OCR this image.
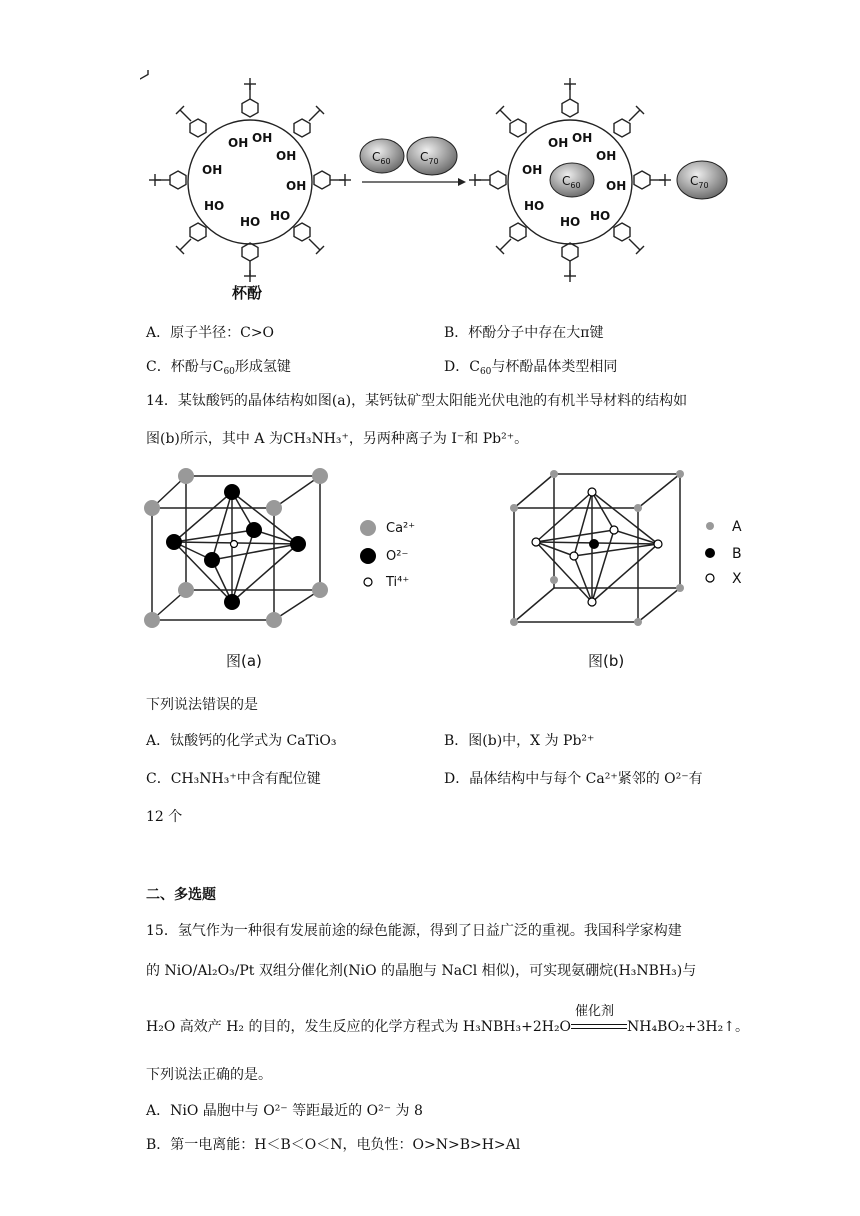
OH OH
OH
OH
HO
HO
HO
OH
杯酚
$C_{60}$ $C_{70}$
OH OH
OH
OH
HO
HO
HO
OH
$C_{60}$	$C_{70}$
A．原子半径：C>O	B．杯酚分子中存在大π键
C．杯酚与$C_{60}$形成氢键	D．$C_{60}$与杯酚晶体类型相同
14．某钛酸钙的晶体结构如图(a)，某钙钛矿型太阳能光伏电池的有机半导材料的结构如
图(b)所示，其中 A 为CH₃NH₃⁺，另两种离子为 I⁻和 Pb²⁺。
Ca²⁺
O²⁻
Ti⁴⁺
图(a)
A
B
X
图(b)
下列说法错误的是
A．钛酸钙的化学式为 CaTiO₃	B．图(b)中，X 为 Pb²⁺
C．CH₃NH₃⁺中含有配位键	D．晶体结构中与每个 Ca²⁺紧邻的 O²⁻有
12 个
二、多选题
15．氢气作为一种很有发展前途的绿色能源，得到了日益广泛的重视。我国科学家构建
的 NiO/Al₂O₃/Pt 双组分催化剂(NiO 的晶胞与 NaCl 相似)，可实现氨硼烷(H₃NBH₃)与
H₂O 高效产 H₂ 的目的，发生反应的化学方程式为 H₃NBH₃+2H₂O
催化剂
NH₄BO₂+3H₂↑。
下列说法正确的是。
A．NiO 晶胞中与 O²⁻ 等距最近的 O²⁻ 为 8
B．第一电离能：H＜B＜O＜N，电负性：O>N>B>H>Al
